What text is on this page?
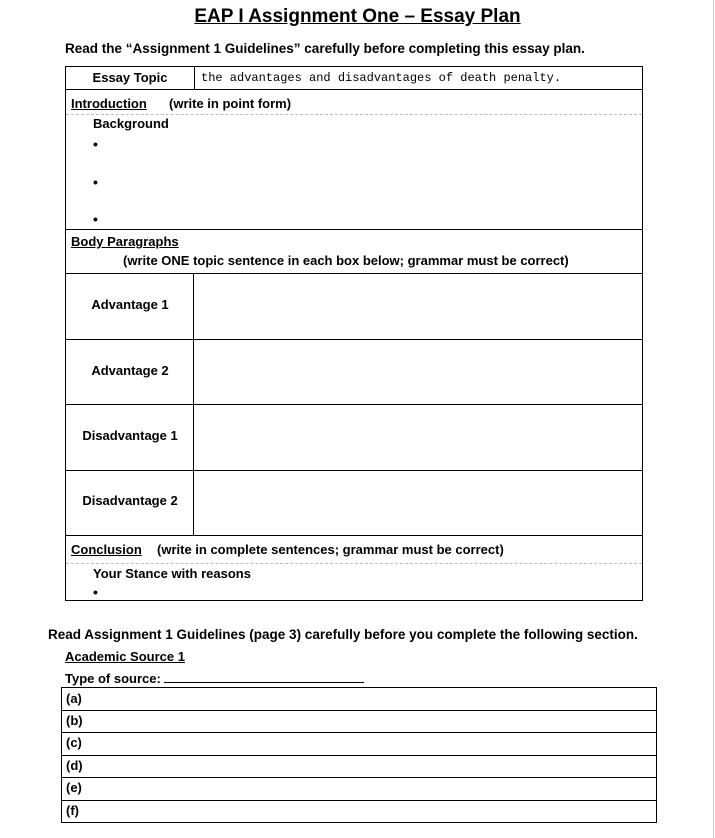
EAP I Assignment One – Essay Plan
Read the “Assignment 1 Guidelines” carefully before completing this essay plan.
Essay Topic	the advantages and disadvantages of death penalty.
Introduction (write in point form)
Background
•
•
•
Body Paragraphs
(write ONE topic sentence in each box below; grammar must be correct)
Advantage 1
Advantage 2
Disadvantage 1
Disadvantage 2
Conclusion (write in complete sentences; grammar must be correct)
Your Stance with reasons
•
Read Assignment 1 Guidelines (page 3) carefully before you complete the following section.
Academic Source 1
Type of source:
(a)
(b)
(c)
(d)
(e)
(f)
